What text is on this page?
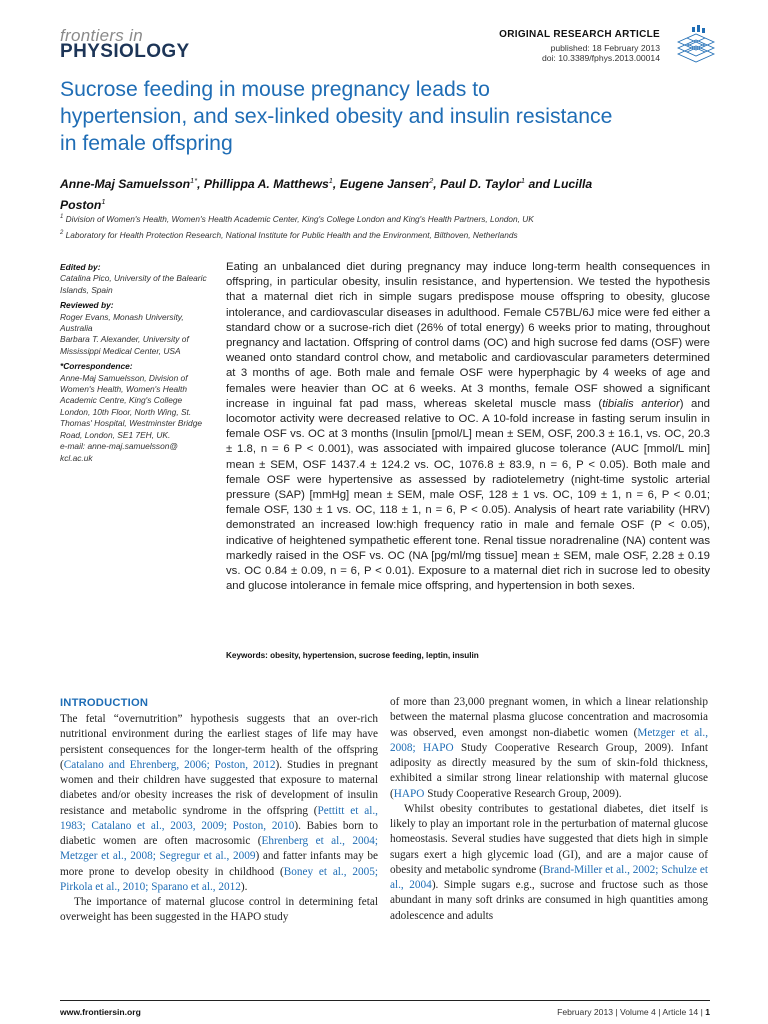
frontiers in
PHYSIOLOGY
ORIGINAL RESEARCH ARTICLE
published: 18 February 2013
doi: 10.3389/fphys.2013.00014
Sucrose feeding in mouse pregnancy leads to hypertension, and sex-linked obesity and insulin resistance in female offspring
Anne-Maj Samuelsson$^{1*}$, Phillippa A. Matthews$^1$, Eugene Jansen$^2$, Paul D. Taylor$^1$ and Lucilla Poston$^1$
$^1$ Division of Women's Health, Women's Health Academic Center, King's College London and King's Health Partners, London, UK
$^2$ Laboratory for Health Protection Research, National Institute for Public Health and the Environment, Bilthoven, Netherlands
Edited by:
Catalina Pico, University of the Balearic Islands, Spain
Reviewed by:
Roger Evans, Monash University, Australia
Barbara T. Alexander, University of Mississippi Medical Center, USA
*Correspondence:
Anne-Maj Samuelsson, Division of Women's Health, Women's Health Academic Centre, King's College London, 10th Floor, North Wing, St. Thomas' Hospital, Westminster Bridge Road, London, SE1 7EH, UK.
e-mail: anne-maj.samuelsson@ kcl.ac.uk
Eating an unbalanced diet during pregnancy may induce long-term health consequences in offspring, in particular obesity, insulin resistance, and hypertension. We tested the hypothesis that a maternal diet rich in simple sugars predispose mouse offspring to obesity, glucose intolerance, and cardiovascular diseases in adulthood. Female C57BL/6J mice were fed either a standard chow or a sucrose-rich diet (26% of total energy) 6 weeks prior to mating, throughout pregnancy and lactation. Offspring of control dams (OC) and high sucrose fed dams (OSF) were weaned onto standard control chow, and metabolic and cardiovascular parameters determined at 3 months of age. Both male and female OSF were hyperphagic by 4 weeks of age and females were heavier than OC at 6 weeks. At 3 months, female OSF showed a significant increase in inguinal fat pad mass, whereas skeletal muscle mass (tibialis anterior) and locomotor activity were decreased relative to OC. A 10-fold increase in fasting serum insulin in female OSF vs. OC at 3 months (Insulin [pmol/L] mean ± SEM, OSF, 200.3 ± 16.1, vs. OC, 20.3 ± 1.8, n = 6 P < 0.001), was associated with impaired glucose tolerance (AUC [mmol/L min] mean ± SEM, OSF 1437.4 ± 124.2 vs. OC, 1076.8 ± 83.9, n = 6, P < 0.05). Both male and female OSF were hypertensive as assessed by radiotelemetry (night-time systolic arterial pressure (SAP) [mmHg] mean ± SEM, male OSF, 128 ± 1 vs. OC, 109 ± 1, n = 6, P < 0.01; female OSF, 130 ± 1 vs. OC, 118 ± 1, n = 6, P < 0.05). Analysis of heart rate variability (HRV) demonstrated an increased low:high frequency ratio in male and female OSF (P < 0.05), indicative of heightened sympathetic efferent tone. Renal tissue noradrenaline (NA) content was markedly raised in the OSF vs. OC (NA [pg/ml/mg tissue] mean ± SEM, male OSF, 2.28 ± 0.19 vs. OC 0.84 ± 0.09, n = 6, P < 0.01). Exposure to a maternal diet rich in sucrose led to obesity and glucose intolerance in female mice offspring, and hypertension in both sexes.
Keywords: obesity, hypertension, sucrose feeding, leptin, insulin
INTRODUCTION

The fetal “overnutrition” hypothesis suggests that an over-rich nutritional environment during the earliest stages of life may have persistent consequences for the longer-term health of the offspring (Catalano and Ehrenberg, 2006; Poston, 2012). Studies in pregnant women and their children have suggested that exposure to maternal diabetes and/or obesity increases the risk of development of insulin resistance and metabolic syndrome in the offspring (Pettitt et al., 1983; Catalano et al., 2003, 2009; Poston, 2010). Babies born to diabetic women are often macrosomic (Ehrenberg et al., 2004; Metzger et al., 2008; Segregur et al., 2009) and fatter infants may be more prone to develop obesity in childhood (Boney et al., 2005; Pirkola et al., 2010; Sparano et al., 2012).

The importance of maternal glucose control in determining fetal overweight has been suggested in the HAPO study

of more than 23,000 pregnant women, in which a linear relationship between the maternal plasma glucose concentration and macrosomia was observed, even amongst non-diabetic women (Metzger et al., 2008; HAPO Study Cooperative Research Group, 2009). Infant adiposity as directly measured by the sum of skin-fold thickness, exhibited a similar strong linear relationship with maternal glucose (HAPO Study Cooperative Research Group, 2009).

Whilst obesity contributes to gestational diabetes, diet itself is likely to play an important role in the perturbation of maternal glucose homeostasis. Several studies have suggested that diets high in simple sugars exert a high glycemic load (GI), and are a major cause of obesity and metabolic syndrome (Brand-Miller et al., 2002; Schulze et al., 2004). Simple sugars e.g., sucrose and fructose such as those abundant in many soft drinks are consumed in high quantities among adolescence and adults

www.frontiersin.org	February 2013 | Volume 4 | Article 14 | 1
